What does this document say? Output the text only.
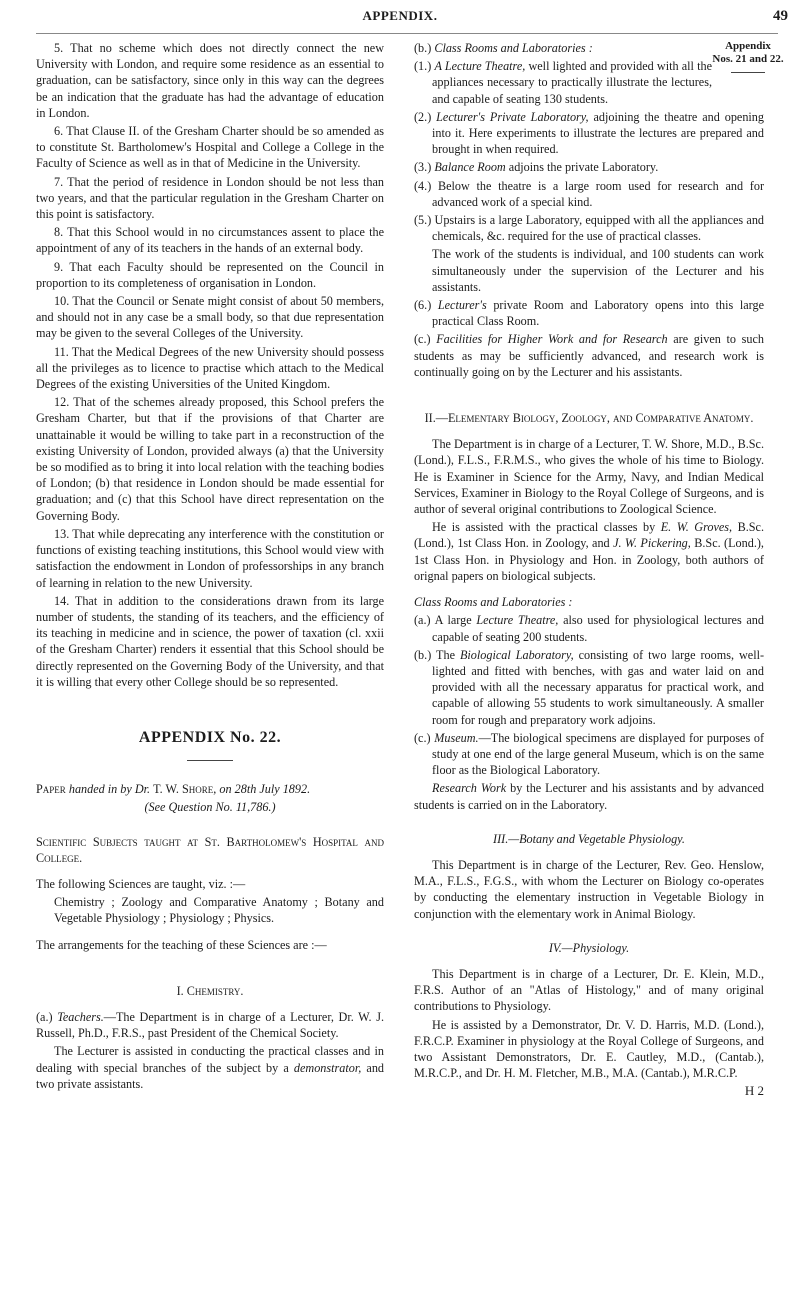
APPENDIX.	49
Appendix
Nos. 21 and 22.

5. That no scheme which does not directly connect the new University with London, and require some residence as an essential to graduation, can be satisfactory, since only in this way can the degrees be an indication that the graduate has had the advantage of education in London.

6. That Clause II. of the Gresham Charter should be so amended as to constitute St. Bartholomew's Hospital and College a College in the Faculty of Science as well as in that of Medicine in the University.

7. That the period of residence in London should be not less than two years, and that the particular regulation in the Gresham Charter on this point is satisfactory.

8. That this School would in no circumstances assent to place the appointment of any of its teachers in the hands of an external body.

9. That each Faculty should be represented on the Council in proportion to its completeness of organisation in London.

10. That the Council or Senate might consist of about 50 members, and should not in any case be a small body, so that due representation may be given to the several Colleges of the University.

11. That the Medical Degrees of the new University should possess all the privileges as to licence to practise which attach to the Medical Degrees of the existing Universities of the United Kingdom.

12. That of the schemes already proposed, this School prefers the Gresham Charter, but that if the provisions of that Charter are unattainable it would be willing to take part in a reconstruction of the existing University of London, provided always (a) that the University be so modified as to bring it into local relation with the teaching bodies of London; (b) that residence in London should be made essential for graduation; and (c) that this School have direct representation on the Governing Body.

13. That while deprecating any interference with the constitution or functions of existing teaching institutions, this School would view with satisfaction the endowment in London of professorships in any branch of learning in relation to the new University.

14. That in addition to the considerations drawn from its large number of students, the standing of its teachers, and the efficiency of its teaching in medicine and in science, the power of taxation (cl. xxii of the Gresham Charter) renders it essential that this School should be directly represented on the Governing Body of the University, and that it is willing that every other College should be so represented.

APPENDIX No. 22.

Paper handed in by Dr. T. W. Shore, on 28th July 1892.

(See Question No. 11,786.)

Scientific Subjects taught at St. Bartholomew's Hospital and College.

The following Sciences are taught, viz. :—

Chemistry ; Zoology and Comparative Anatomy ; Botany and Vegetable Physiology ; Physiology ; Physics.

The arrangements for the teaching of these Sciences are :—

I. Chemistry.

(a.) Teachers.—The Department is in charge of a Lecturer, Dr. W. J. Russell, Ph.D., F.R.S., past President of the Chemical Society.

The Lecturer is assisted in conducting the practical classes and in dealing with special branches of the subject by a demonstrator, and two private assistants.

(b.) Class Rooms and Laboratories :

(1.) A Lecture Theatre, well lighted and provided with all the appliances necessary to practically illustrate the lectures, and capable of seating 130 students.

(2.) Lecturer's Private Laboratory, adjoining the theatre and opening into it. Here experiments to illustrate the lectures are prepared and brought in when required.

(3.) Balance Room adjoins the private Laboratory.

(4.) Below the theatre is a large room used for research and for advanced work of a special kind.

(5.) Upstairs is a large Laboratory, equipped with all the appliances and chemicals, &c. required for the use of practical classes.

The work of the students is individual, and 100 students can work simultaneously under the supervision of the Lecturer and his assistants.

(6.) Lecturer's private Room and Laboratory opens into this large practical Class Room.

(c.) Facilities for Higher Work and for Research are given to such students as may be sufficiently advanced, and research work is continually going on by the Lecturer and his assistants.

II.—Elementary Biology, Zoology, and Comparative Anatomy.

The Department is in charge of a Lecturer, T. W. Shore, M.D., B.Sc. (Lond.), F.L.S., F.R.M.S., who gives the whole of his time to Biology. He is Examiner in Science for the Army, Navy, and Indian Medical Services, Examiner in Biology to the Royal College of Surgeons, and is author of several original contributions to Zoological Science.

He is assisted with the practical classes by E. W. Groves, B.Sc. (Lond.), 1st Class Hon. in Zoology, and J. W. Pickering, B.Sc. (Lond.), 1st Class Hon. in Physiology and Hon. in Zoology, both authors of orignal papers on biological subjects.

Class Rooms and Laboratories :

(a.) A large Lecture Theatre, also used for physiological lectures and capable of seating 200 students.

(b.) The Biological Laboratory, consisting of two large rooms, well-lighted and fitted with benches, with gas and water laid on and provided with all the necessary apparatus for practical work, and capable of allowing 55 students to work simultaneously. A smaller room for rough and preparatory work adjoins.

(c.) Museum.—The biological specimens are displayed for purposes of study at one end of the large general Museum, which is on the same floor as the Biological Laboratory.

Research Work by the Lecturer and his assistants and by advanced students is carried on in the Laboratory.

III.—Botany and Vegetable Physiology.

This Department is in charge of the Lecturer, Rev. Geo. Henslow, M.A., F.L.S., F.G.S., with whom the Lecturer on Biology co-operates by conducting the elementary instruction in Vegetable Biology in conjunction with the elementary work in Animal Biology.

IV.—Physiology.

This Department is in charge of a Lecturer, Dr. E. Klein, M.D., F.R.S. Author of an "Atlas of Histology," and of many original contributions to Physiology.

He is assisted by a Demonstrator, Dr. V. D. Harris, M.D. (Lond.), F.R.C.P. Examiner in physiology at the Royal College of Surgeons, and two Assistant Demonstrators, Dr. E. Cautley, M.D., (Cantab.), M.R.C.P., and Dr. H. M. Fletcher, M.B., M.A. (Cantab.), M.R.C.P.

H 2
